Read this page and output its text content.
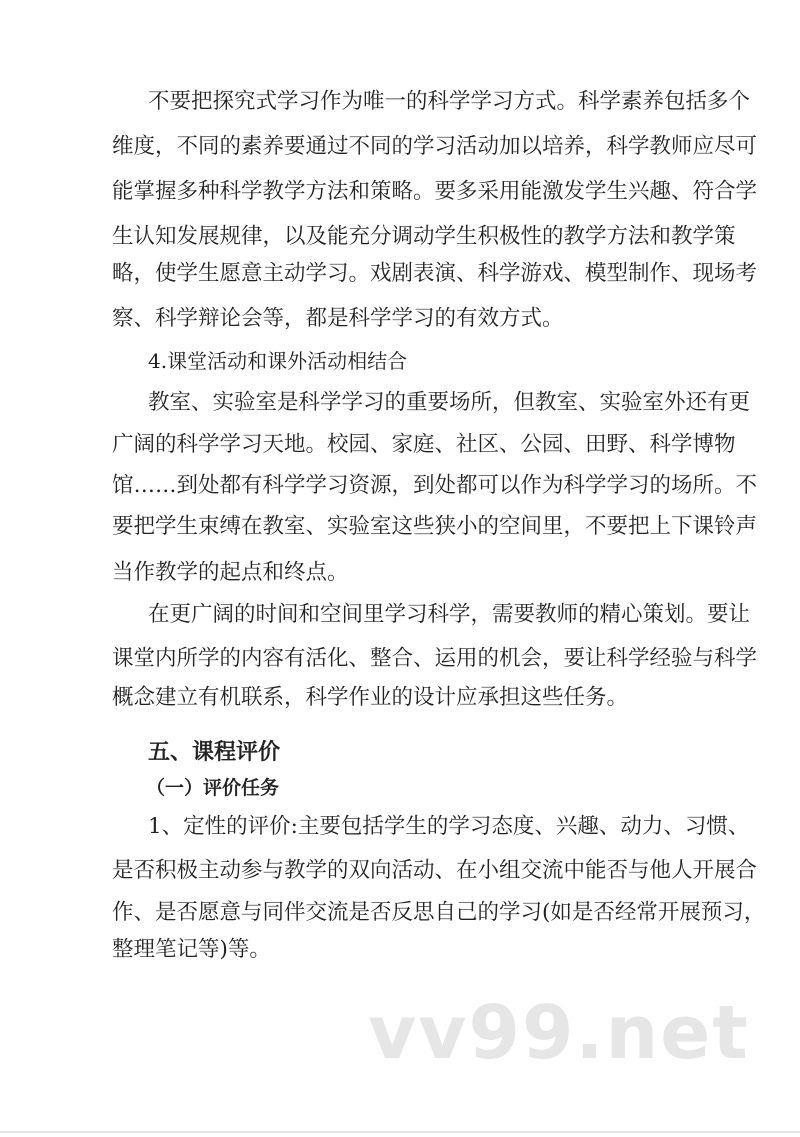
不要把探究式学习作为唯一的科学学习方式。科学素养包括多个
维度，不同的素养要通过不同的学习活动加以培养，科学教师应尽可
能掌握多种科学教学方法和策略。要多采用能激发学生兴趣、符合学
生认知发展规律，以及能充分调动学生积极性的教学方法和教学策
略，使学生愿意主动学习。戏剧表演、科学游戏、模型制作、现场考
察、科学辩论会等，都是科学学习的有效方式。
4.课堂活动和课外活动相结合
教室、实验室是科学学习的重要场所，但教室、实验室外还有更
广阔的科学学习天地。校园、家庭、社区、公园、田野、科学博物
馆……到处都有科学学习资源，到处都可以作为科学学习的场所。不
要把学生束缚在教室、实验室这些狭小的空间里，不要把上下课铃声
当作教学的起点和终点。
在更广阔的时间和空间里学习科学，需要教师的精心策划。要让
课堂内所学的内容有活化、整合、运用的机会，要让科学经验与科学
概念建立有机联系，科学作业的设计应承担这些任务。
五、课程评价
（一）评价任务
1、定性的评价:主要包括学生的学习态度、兴趣、动力、习惯、
是否积极主动参与教学的双向活动、在小组交流中能否与他人开展合
作、是否愿意与同伴交流是否反思自己的学习(如是否经常开展预习，
整理笔记等)等。
vv99.net
